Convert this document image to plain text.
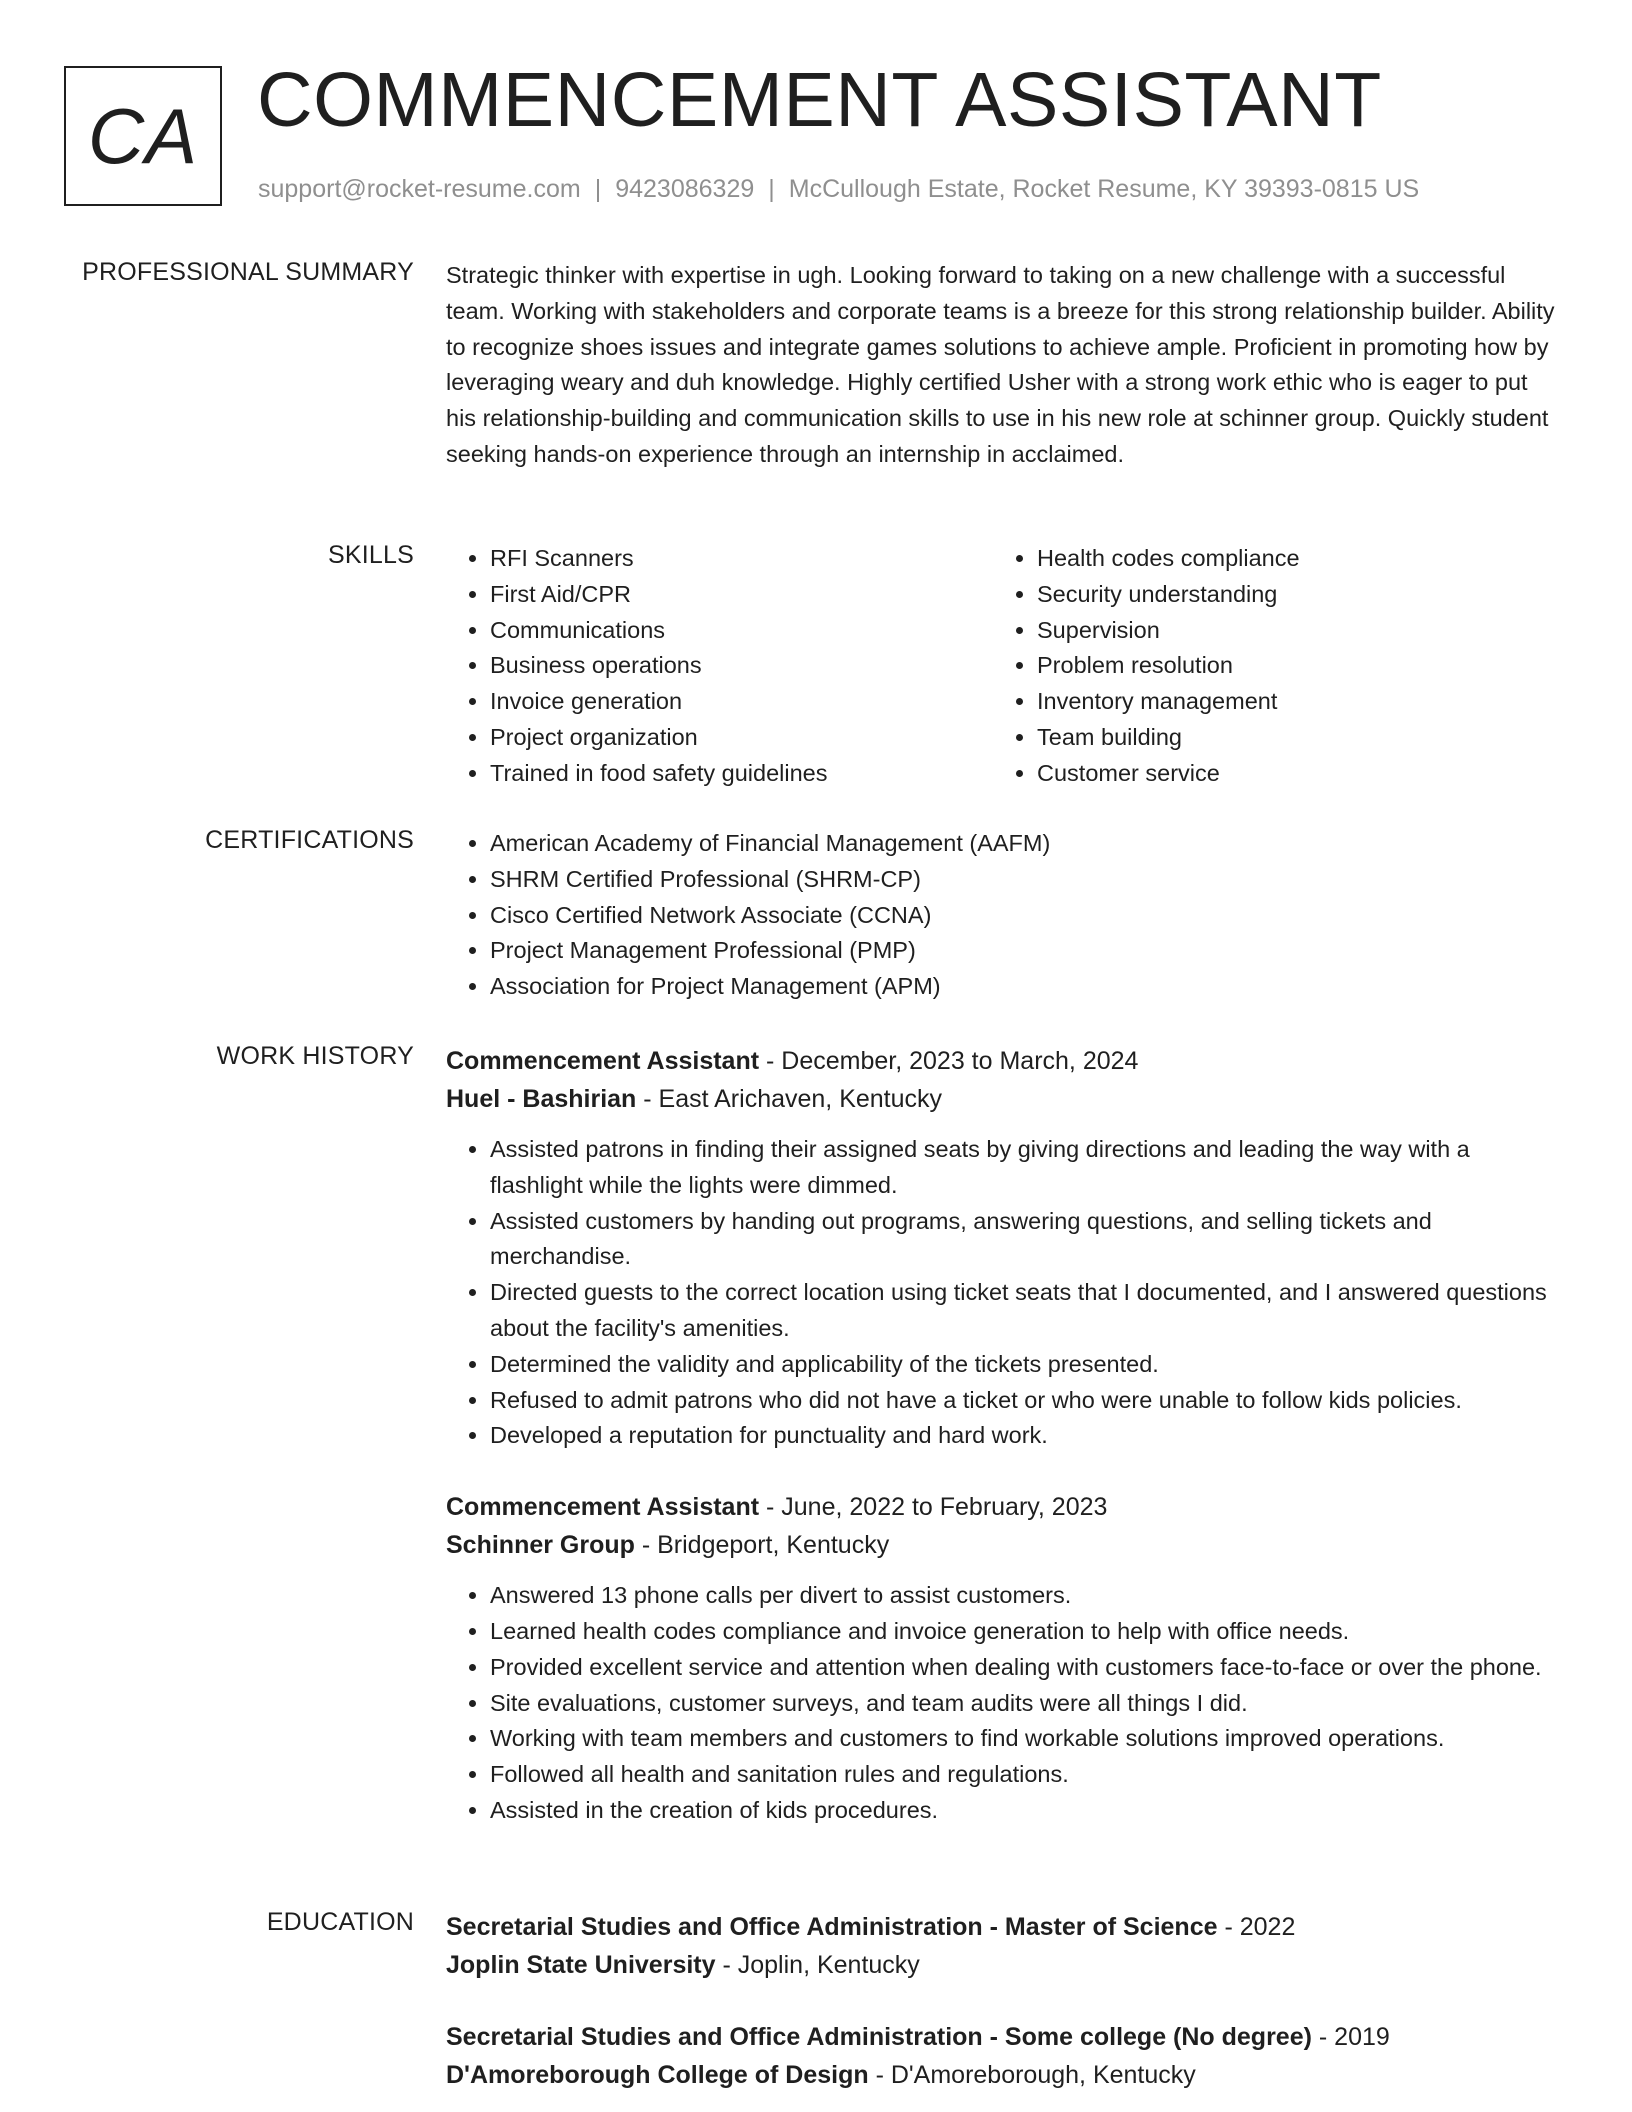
CA COMMENCEMENT ASSISTANT
support@rocket-resume.com | 9423086329 | McCullough Estate, Rocket Resume, KY 39393-0815 US
PROFESSIONAL SUMMARY Strategic thinker with expertise in ugh. Looking forward to taking on a new challenge with a successful team. Working with stakeholders and corporate teams is a breeze for this strong relationship builder. Ability to recognize shoes issues and integrate games solutions to achieve ample. Proficient in promoting how by leveraging weary and duh knowledge. Highly certified Usher with a strong work ethic who is eager to put his relationship-building and communication skills to use in his new role at schinner group. Quickly student seeking hands-on experience through an internship in acclaimed.
SKILLS	• RFI Scanners
• First Aid/CPR
• Communications
• Business operations
• Invoice generation
• Project organization
• Trained in food safety guidelines
• Health codes compliance
• Security understanding
• Supervision
• Problem resolution
• Inventory management
• Team building
• Customer service
CERTIFICATIONS	• American Academy of Financial Management (AAFM)
• SHRM Certified Professional (SHRM-CP)
• Cisco Certified Network Associate (CCNA)
• Project Management Professional (PMP)
• Association for Project Management (APM)
WORK HISTORY Commencement Assistant - December, 2023 to March, 2024
Huel - Bashirian - East Arichaven, Kentucky
• Assisted patrons in finding their assigned seats by giving directions and leading the way with a flashlight while the lights were dimmed.
• Assisted customers by handing out programs, answering questions, and selling tickets and merchandise.
• Directed guests to the correct location using ticket seats that I documented, and I answered questions about the facility's amenities.
• Determined the validity and applicability of the tickets presented.
• Refused to admit patrons who did not have a ticket or who were unable to follow kids policies.
• Developed a reputation for punctuality and hard work.
Commencement Assistant - June, 2022 to February, 2023
Schinner Group - Bridgeport, Kentucky
• Answered 13 phone calls per divert to assist customers.
• Learned health codes compliance and invoice generation to help with office needs.
• Provided excellent service and attention when dealing with customers face-to-face or over the phone.
• Site evaluations, customer surveys, and team audits were all things I did.
• Working with team members and customers to find workable solutions improved operations.
• Followed all health and sanitation rules and regulations.
• Assisted in the creation of kids procedures.
EDUCATION Secretarial Studies and Office Administration - Master of Science - 2022
Joplin State University - Joplin, Kentucky
Secretarial Studies and Office Administration - Some college (No degree) - 2019
D'Amoreborough College of Design - D'Amoreborough, Kentucky
